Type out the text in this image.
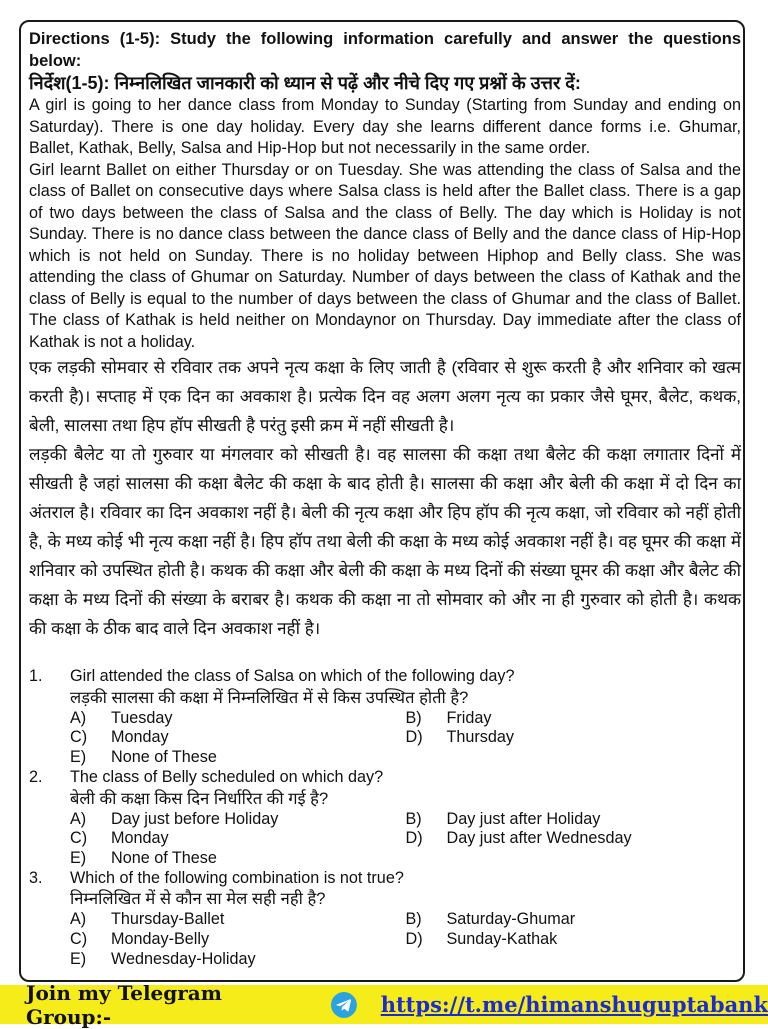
Directions (1-5): Study the following information carefully and answer the questions below:
निर्देश(1-5): निम्नलिखित जानकारी को ध्यान से पढ़ें और नीचे दिए गए प्रश्नों के उत्तर दें:

A girl is going to her dance class from Monday to Sunday (Starting from Sunday and ending on Saturday). There is one day holiday. Every day she learns different dance forms i.e. Ghumar, Ballet, Kathak, Belly, Salsa and Hip-Hop but not necessarily in the same order.

Girl learnt Ballet on either Thursday or on Tuesday. She was attending the class of Salsa and the class of Ballet on consecutive days where Salsa class is held after the Ballet class. There is a gap of two days between the class of Salsa and the class of Belly. The day which is Holiday is not Sunday. There is no dance class between the dance class of Belly and the dance class of Hip-Hop which is not held on Sunday. There is no holiday between Hiphop and Belly class. She was attending the class of Ghumar on Saturday. Number of days between the class of Kathak and the class of Belly is equal to the number of days between the class of Ghumar and the class of Ballet. The class of Kathak is held neither on Mondaynor on Thursday. Day immediate after the class of Kathak is not a holiday.

एक लड़की सोमवार से रविवार तक अपने नृत्य कक्षा के लिए जाती है (रविवार से शुरू करती है और शनिवार को खत्म करती है)। सप्ताह में एक दिन का अवकाश है। प्रत्येक दिन वह अलग अलग नृत्य का प्रकार जैसे घूमर, बैलेट, कथक, बेली, सालसा तथा हिप हॉप सीखती है परंतु इसी क्रम में नहीं सीखती है।

लड़की बैलेट या तो गुरुवार या मंगलवार को सीखती है। वह सालसा की कक्षा तथा बैलेट की कक्षा लगातार दिनों में सीखती है जहां सालसा की कक्षा बैलेट की कक्षा के बाद होती है। सालसा की कक्षा और बेली की कक्षा में दो दिन का अंतराल है। रविवार का दिन अवकाश नहीं है। बेली की नृत्य कक्षा और हिप हॉप की नृत्य कक्षा, जो रविवार को नहीं होती है, के मध्य कोई भी नृत्य कक्षा नहीं है। हिप हॉप तथा बेली की कक्षा के मध्य कोई अवकाश नहीं है। वह घूमर की कक्षा में शनिवार को उपस्थित होती है। कथक की कक्षा और बेली की कक्षा के मध्य दिनों की संख्या घूमर की कक्षा और बैलेट की कक्षा के मध्य दिनों की संख्या के बराबर है। कथक की कक्षा ना तो सोमवार को और ना ही गुरुवार को होती है। कथक की कक्षा के ठीक बाद वाले दिन अवकाश नहीं है।

1.	Girl attended the class of Salsa on which of the following day?
लड़की सालसा की कक्षा में निम्नलिखित में से किस उपस्थित होती है?
A)	Tuesday	B)	Friday
C)	Monday	D)	Thursday
E)	None of These
2.	The class of Belly scheduled on which day?
बेली की कक्षा किस दिन निर्धारित की गई है?
A)	Day just before Holiday	B)	Day just after Holiday
C)	Monday	D)	Day just after Wednesday
E)	None of These
3.	Which of the following combination is not true?
निम्नलिखित में से कौन सा मेल सही नही है?
A)	Thursday-Ballet	B)	Saturday-Ghumar
C)	Monday-Belly	D)	Sunday-Kathak
E)	Wednesday-Holiday
Join my Telegram Group:-	https://t.me/himanshuguptabank
